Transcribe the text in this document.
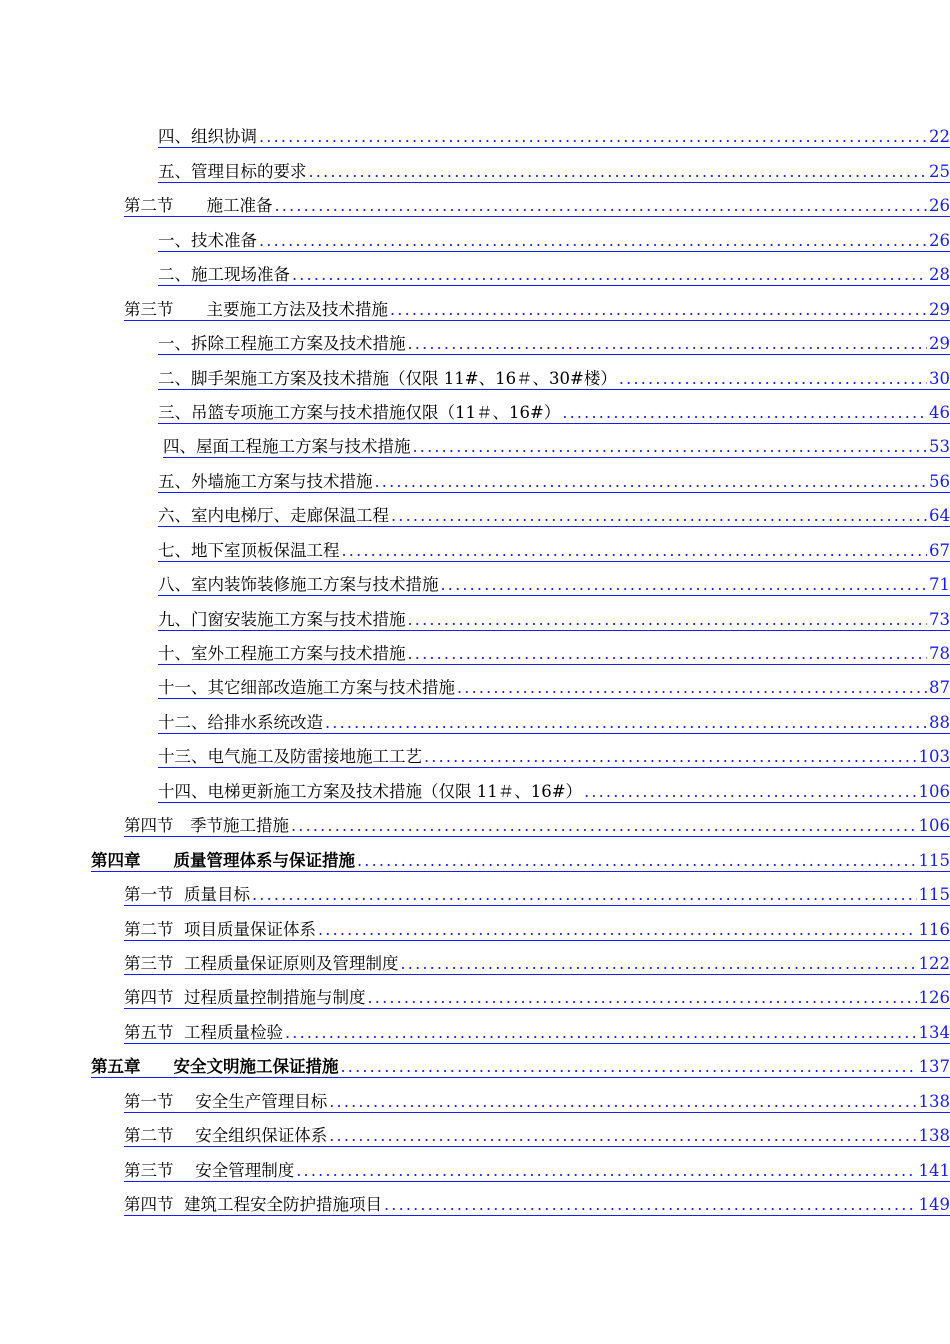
四、组织协调 .....	22
五、管理目标的要求 .....	25
第二节　　施工准备 .....	26
一、技术准备 .....	26
二、施工现场准备 .....	28
第三节　　主要施工方法及技术措施 .....	29
一、拆除工程施工方案及技术措施 .....	29
二、脚手架施工方案及技术措施（仅限 11#、16＃、30#楼） .....	30
三、吊篮专项施工方案与技术措施仅限（11＃、16#） .....	46
四、屋面工程施工方案与技术措施 .....	53
五、外墙施工方案与技术措施 .....	56
六、室内电梯厅、走廊保温工程 .....	64
七、地下室顶板保温工程 .....	67
八、室内装饰装修施工方案与技术措施 .....	71
九、门窗安装施工方案与技术措施 .....	73
十、室外工程施工方案与技术措施 .....	78
十一、其它细部改造施工方案与技术措施 .....	87
十二、给排水系统改造 .....	88
十三、电气施工及防雷接地施工工艺 .....	103
十四、电梯更新施工方案及技术措施（仅限 11＃、16#） .....	106
第四节　季节施工措施 .....	106
第四章　　质量管理体系与保证措施 .....	115
第一节  质量目标 .....	115
第二节  项目质量保证体系 .....	116
第三节  工程质量保证原则及管理制度 .....	122
第四节  过程质量控制措施与制度 .....	126
第五节  工程质量检验 .....	134
第五章　　安全文明施工保证措施 .....	137
第一节　 安全生产管理目标 .....	138
第二节　 安全组织保证体系 .....	138
第三节　 安全管理制度 .....	141
第四节  建筑工程安全防护措施项目 .....	149
